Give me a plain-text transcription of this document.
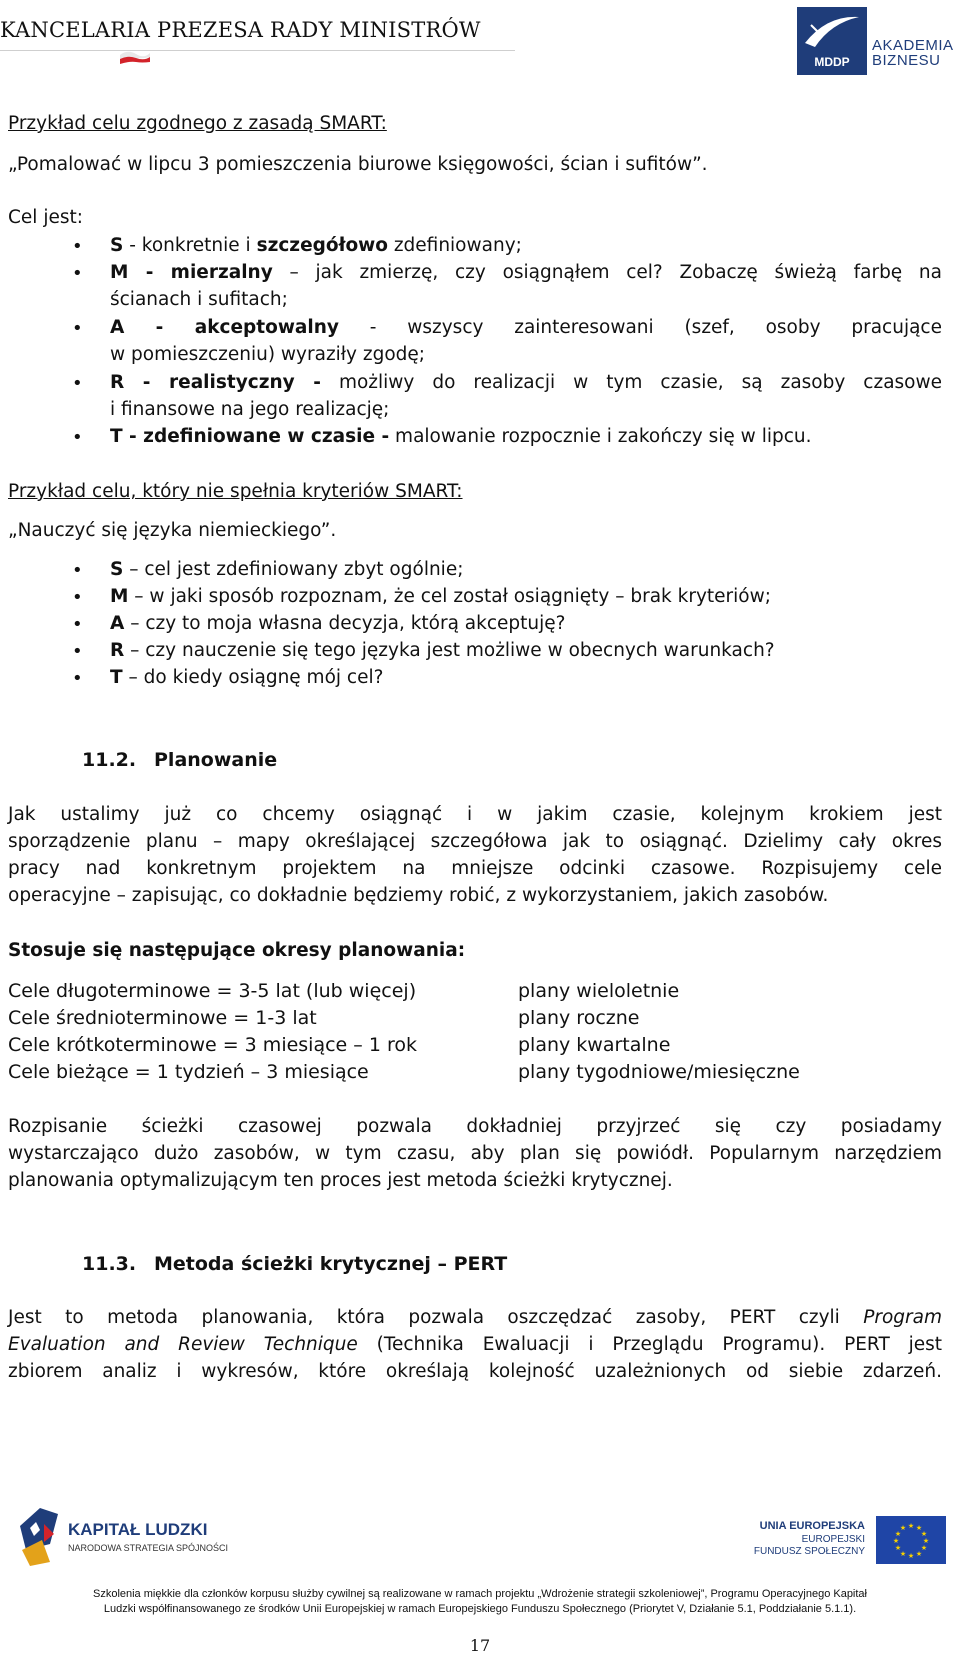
KANCELARIA PREZESA RADY MINISTRÓW
MDDP
AKADEMIA
BIZNESU
Przykład celu zgodnego z zasadą SMART:
„Pomalować w lipcu 3 pomieszczenia biurowe księgowości, ścian i sufitów”.
Cel jest:
• S - konkretnie i szczegółowo zdefiniowany;
• M - mierzalny – jak zmierzę, czy osiągnąłem cel? Zobaczę świeżą farbę na
ścianach i sufitach;
• A - akceptowalny - wszyscy zainteresowani (szef, osoby pracujące
w pomieszczeniu) wyraziły zgodę;
• R - realistyczny - możliwy do realizacji w tym czasie, są zasoby czasowe
i finansowe na jego realizację;
• T - zdefiniowane w czasie - malowanie rozpocznie i zakończy się w lipcu.
Przykład celu, który nie spełnia kryteriów SMART:
„Nauczyć się języka niemieckiego”.
• S – cel jest zdefiniowany zbyt ogólnie;
• M – w jaki sposób rozpoznam, że cel został osiągnięty – brak kryteriów;
• A – czy to moja własna decyzja, którą akceptuję?
• R – czy nauczenie się tego języka jest możliwe w obecnych warunkach?
• T – do kiedy osiągnę mój cel?
11.2. Planowanie
Jak ustalimy już co chcemy osiągnąć i w jakim czasie, kolejnym krokiem jest
sporządzenie planu – mapy określającej szczegółowa jak to osiągnąć. Dzielimy cały okres
pracy nad konkretnym projektem na mniejsze odcinki czasowe. Rozpisujemy cele
operacyjne – zapisując, co dokładnie będziemy robić, z wykorzystaniem, jakich zasobów.
Stosuje się następujące okresy planowania:
Cele długoterminowe = 3-5 lat (lub więcej)	plany wieloletnie
Cele średnioterminowe = 1-3 lat	plany roczne
Cele krótkoterminowe = 3 miesiące – 1 rok	plany kwartalne
Cele bieżące = 1 tydzień – 3 miesiące	plany tygodniowe/miesięczne
Rozpisanie ścieżki czasowej pozwala dokładniej przyjrzeć się czy posiadamy
wystarczająco dużo zasobów, w tym czasu, aby plan się powiódł. Popularnym narzędziem
planowania optymalizującym ten proces jest metoda ścieżki krytycznej.
11.3. Metoda ścieżki krytycznej – PERT
Jest to metoda planowania, która pozwala oszczędzać zasoby, PERT czyli Program
Evaluation and Review Technique (Technika Ewaluacji i Przeglądu Programu). PERT jest
zbiorem analiz i wykresów, które określają kolejność uzależnionych od siebie zdarzeń.
KAPITAŁ LUDZKI
NARODOWA STRATEGIA SPÓJNOŚCI
UNIA EUROPEJSKA
EUROPEJSKI
FUNDUSZ SPOŁECZNY
★ ★
★
★
★
★
★
★
★
★
★
★
Szkolenia miękkie dla członków korpusu służby cywilnej są realizowane w ramach projektu „Wdrożenie strategii szkoleniowej”, Programu Operacyjnego Kapitał
Ludzki współfinansowanego ze środków Unii Europejskiej w ramach Europejskiego Funduszu Społecznego (Priorytet V, Działanie 5.1, Poddziałanie 5.1.1).
17
